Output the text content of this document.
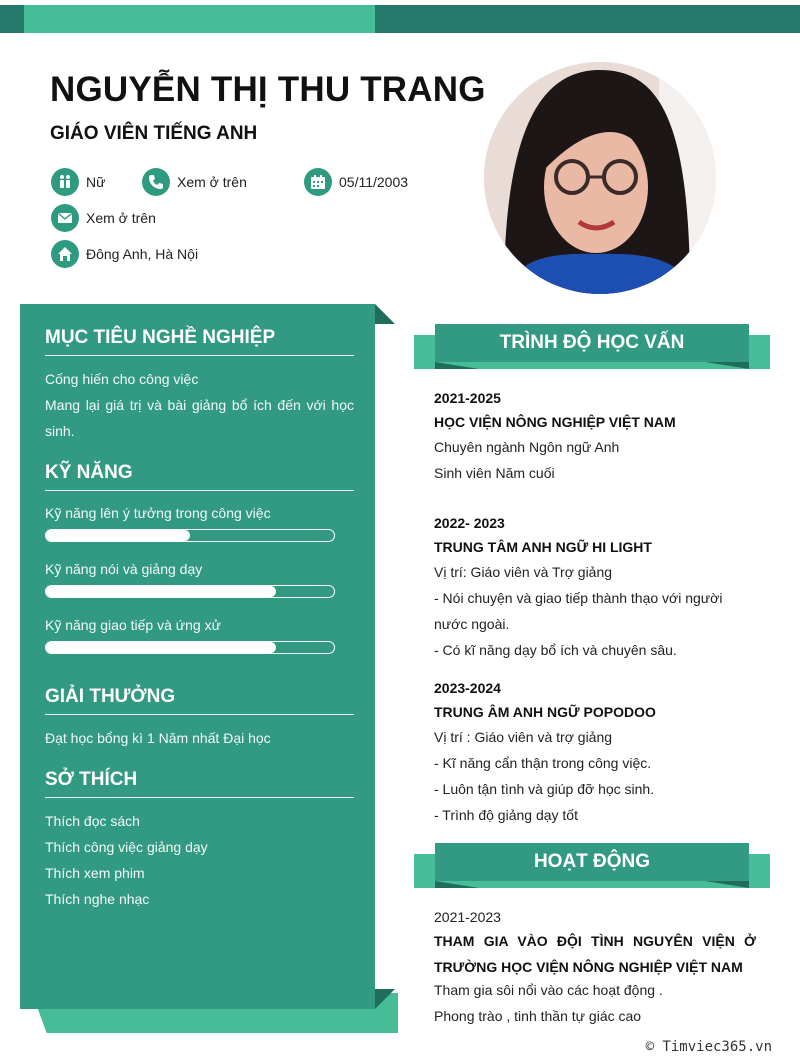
NGUYỄN THỊ THU TRANG
GIÁO VIÊN TIẾNG ANH
Nữ	Xem ở trên	05/11/2003
Xem ở trên
Đông Anh, Hà Nội
MỤC TIÊU NGHỀ NGHIỆP
Cống hiến cho công việc
Mang lại giá trị và bài giảng bổ ích đến với học sinh.
KỸ NĂNG
Kỹ năng lên ý tưởng trong công việc
Kỹ năng nói và giảng dạy
Kỹ năng giao tiếp và ứng xử
GIẢI THƯỞNG
Đạt học bổng kì 1 Năm nhất Đại học
SỞ THÍCH
Thích đọc sách
Thích công việc giảng dạy
Thích xem phim
Thích nghe nhạc
TRÌNH ĐỘ HỌC VẤN
2021-2025
HỌC VIỆN NÔNG NGHIỆP VIỆT NAM
Chuyên ngành Ngôn ngữ Anh
Sinh viên Năm cuối
2022- 2023
TRUNG TÂM ANH NGỮ HI LIGHT
Vị trí: Giáo viên và Trợ giảng
- Nói chuyện và giao tiếp thành thạo với người nước ngoài.
- Có kĩ năng dạy bổ ích và chuyên sâu.
2023-2024
TRUNG ÂM ANH NGỮ POPODOO
Vị trí : Giáo viên và trợ giảng
- Kĩ năng cẩn thận trong công việc.
- Luôn tận tình và giúp đỡ học sinh.
- Trình độ giảng dạy tốt
HOẠT ĐỘNG
2021-2023
THAM GIA VÀO ĐỘI TÌNH NGUYÊN VIỆN Ở TRƯỜNG HỌC VIỆN NÔNG NGHIỆP VIỆT NAM
Tham gia sôi nổi vào các hoạt động .
Phong trào , tinh thần tự giác cao
© Timviec365.vn
